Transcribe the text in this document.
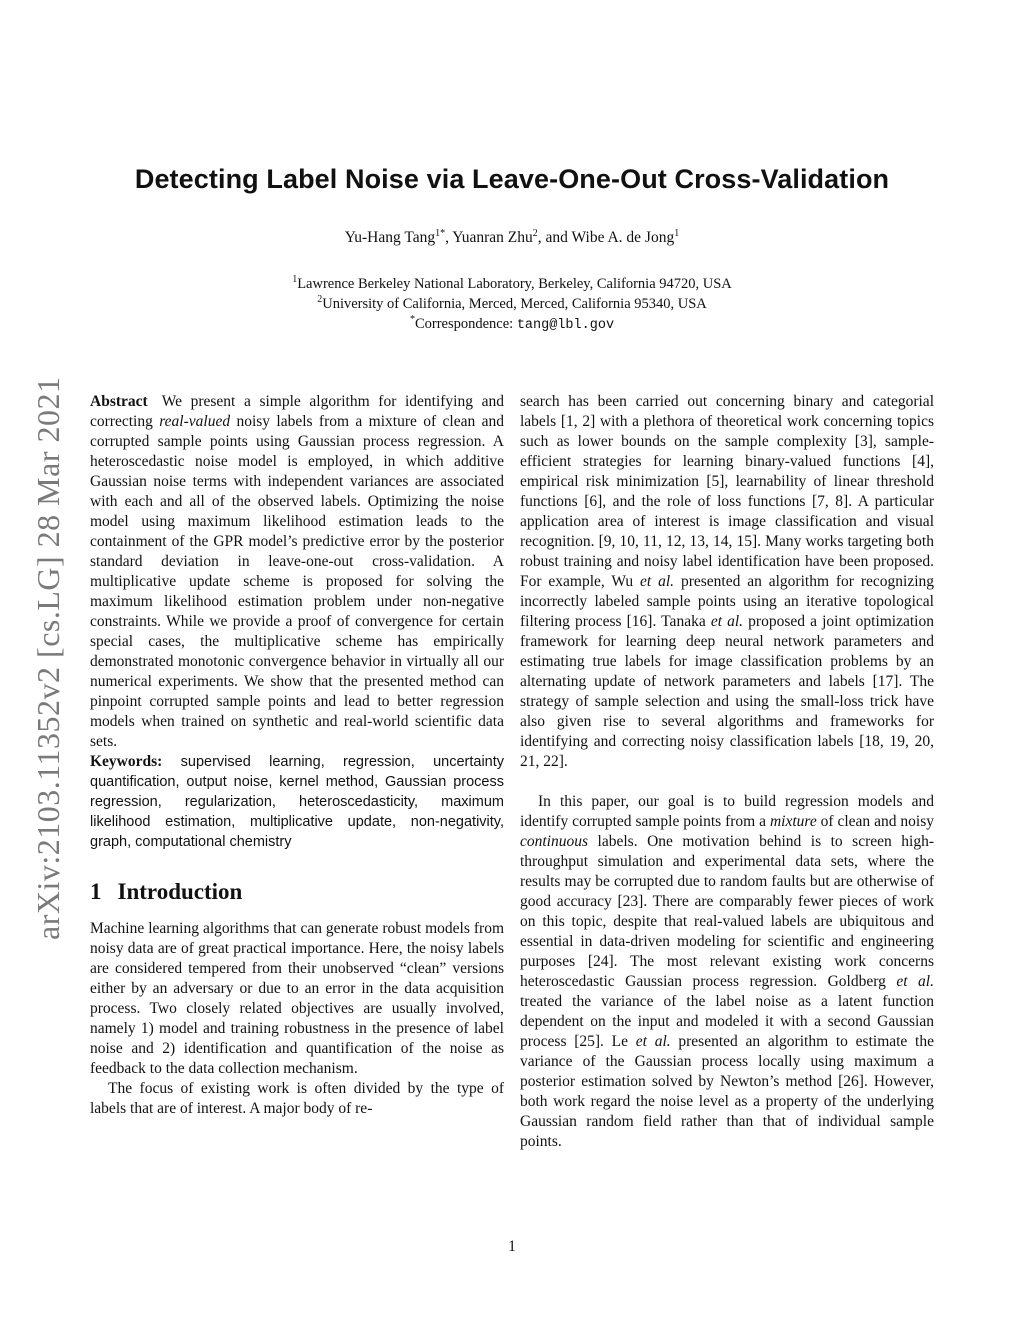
Detecting Label Noise via Leave-One-Out Cross-Validation
Yu-Hang Tang$^{1*}$, Yuanran Zhu$^2$, and Wibe A. de Jong$^1$
$^1$Lawrence Berkeley National Laboratory, Berkeley, California 94720, USA
$^2$University of California, Merced, Merced, California 95340, USA
*Correspondence: tang@lbl.gov
arXiv:2103.11352v2 [cs.LG] 28 Mar 2021 Abstract We present a simple algorithm for identifying and correcting real-valued noisy labels from a mixture of clean and corrupted sample points using Gaussian process regression. A heteroscedastic noise model is employed, in which additive Gaussian noise terms with independent variances are associated with each and all of the observed labels. Optimizing the noise model using maximum likelihood estimation leads to the containment of the GPR model’s predictive error by the posterior standard deviation in leave-one-out cross-validation. A multiplicative update scheme is proposed for solving the maximum likelihood estimation problem under non-negative constraints. While we provide a proof of convergence for certain special cases, the multiplicative scheme has empirically demonstrated monotonic convergence behavior in virtually all our numerical experiments. We show that the presented method can pinpoint corrupted sample points and lead to better regression models when trained on synthetic and real-world scientific data sets.

Keywords: supervised learning, regression, uncertainty quantification, output noise, kernel method, Gaussian process regression, regularization, heteroscedasticity, maximum likelihood estimation, multiplicative update, non-negativity, graph, computational chemistry

1 Introduction

Machine learning algorithms that can generate robust models from noisy data are of great practical importance. Here, the noisy labels are considered tempered from their unobserved “clean” versions either by an adversary or due to an error in the data acquisition process. Two closely related objectives are usually involved, namely 1) model and training robustness in the presence of label noise and 2) identification and quantification of the noise as feedback to the data collection mechanism.

The focus of existing work is often divided by the type of labels that are of interest. A major body of re-

search has been carried out concerning binary and categorial labels [1, 2] with a plethora of theoretical work concerning topics such as lower bounds on the sample complexity [3], sample-efficient strategies for learning binary-valued functions [4], empirical risk minimization [5], learnability of linear threshold functions [6], and the role of loss functions [7, 8]. A particular application area of interest is image classification and visual recognition. [9, 10, 11, 12, 13, 14, 15]. Many works targeting both robust training and noisy label identification have been proposed. For example, Wu et al. presented an algorithm for recognizing incorrectly labeled sample points using an iterative topological filtering process [16]. Tanaka et al. proposed a joint optimization framework for learning deep neural network parameters and estimating true labels for image classification problems by an alternating update of network parameters and labels [17]. The strategy of sample selection and using the small-loss trick have also given rise to several algorithms and frameworks for identifying and correcting noisy classification labels [18, 19, 20, 21, 22].

In this paper, our goal is to build regression models and identify corrupted sample points from a mixture of clean and noisy continuous labels. One motivation behind is to screen high-throughput simulation and experimental data sets, where the results may be corrupted due to random faults but are otherwise of good accuracy [23]. There are comparably fewer pieces of work on this topic, despite that real-valued labels are ubiquitous and essential in data-driven modeling for scientific and engineering purposes [24]. The most relevant existing work concerns heteroscedastic Gaussian process regression. Goldberg et al. treated the variance of the label noise as a latent function dependent on the input and modeled it with a second Gaussian process [25]. Le et al. presented an algorithm to estimate the variance of the Gaussian process locally using maximum a posterior estimation solved by Newton’s method [26]. However, both work regard the noise level as a property of the underlying Gaussian random field rather than that of individual sample points.

1
